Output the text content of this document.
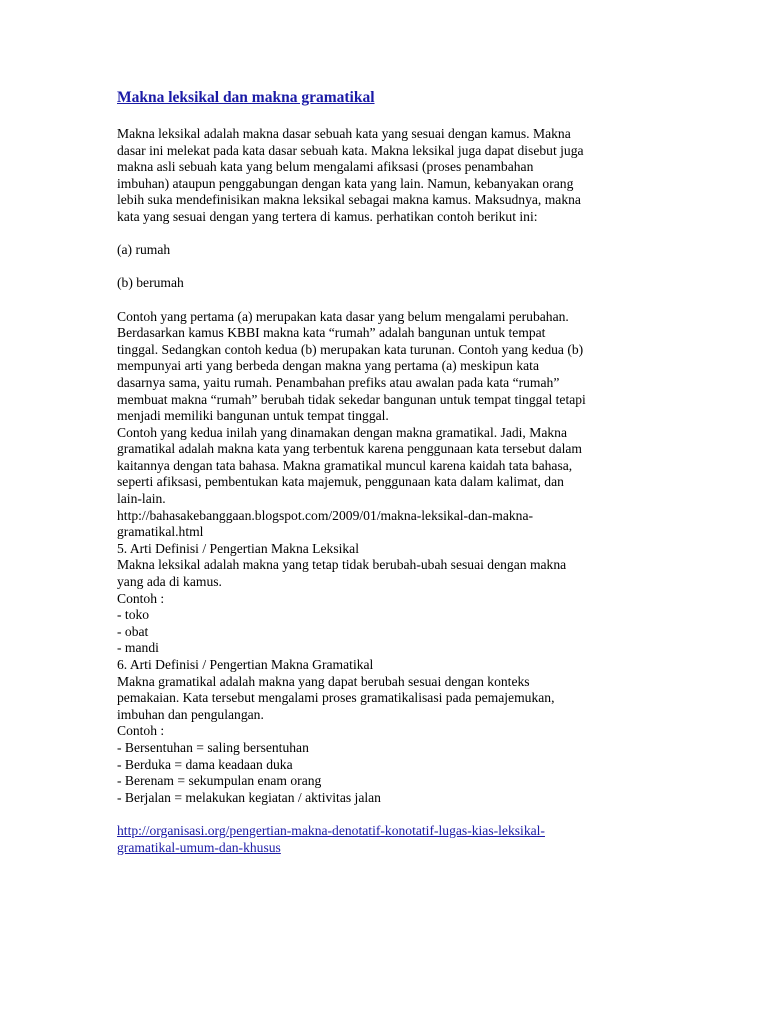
Makna leksikal dan makna gramatikal
Makna leksikal adalah makna dasar sebuah kata yang sesuai dengan kamus. Makna
dasar ini melekat pada kata dasar sebuah kata. Makna leksikal juga dapat disebut juga
makna asli sebuah kata yang belum mengalami afiksasi (proses penambahan
imbuhan) ataupun penggabungan dengan kata yang lain. Namun, kebanyakan orang
lebih suka mendefinisikan makna leksikal sebagai makna kamus. Maksudnya, makna
kata yang sesuai dengan yang tertera di kamus. perhatikan contoh berikut ini:
(a) rumah
(b) berumah
Contoh yang pertama (a) merupakan kata dasar yang belum mengalami perubahan.
Berdasarkan kamus KBBI makna kata “rumah” adalah bangunan untuk tempat
tinggal. Sedangkan contoh kedua (b) merupakan kata turunan. Contoh yang kedua (b)
mempunyai arti yang berbeda dengan makna yang pertama (a) meskipun kata
dasarnya sama, yaitu rumah. Penambahan prefiks atau awalan pada kata “rumah”
membuat makna “rumah” berubah tidak sekedar bangunan untuk tempat tinggal tetapi
menjadi memiliki bangunan untuk tempat tinggal.
Contoh yang kedua inilah yang dinamakan dengan makna gramatikal. Jadi, Makna
gramatikal adalah makna kata yang terbentuk karena penggunaan kata tersebut dalam
kaitannya dengan tata bahasa. Makna gramatikal muncul karena kaidah tata bahasa,
seperti afiksasi, pembentukan kata majemuk, penggunaan kata dalam kalimat, dan
lain-lain.
http://bahasakebanggaan.blogspot.com/2009/01/makna-leksikal-dan-makna-
gramatikal.html
5. Arti Definisi / Pengertian Makna Leksikal
Makna leksikal adalah makna yang tetap tidak berubah-ubah sesuai dengan makna
yang ada di kamus.
Contoh :
- toko
- obat
- mandi
6. Arti Definisi / Pengertian Makna Gramatikal
Makna gramatikal adalah makna yang dapat berubah sesuai dengan konteks
pemakaian. Kata tersebut mengalami proses gramatikalisasi pada pemajemukan,
imbuhan dan pengulangan.
Contoh :
- Bersentuhan = saling bersentuhan
- Berduka = dama keadaan duka
- Berenam = sekumpulan enam orang
- Berjalan = melakukan kegiatan / aktivitas jalan
http://organisasi.org/pengertian-makna-denotatif-konotatif-lugas-kias-leksikal-
gramatikal-umum-dan-khusus
